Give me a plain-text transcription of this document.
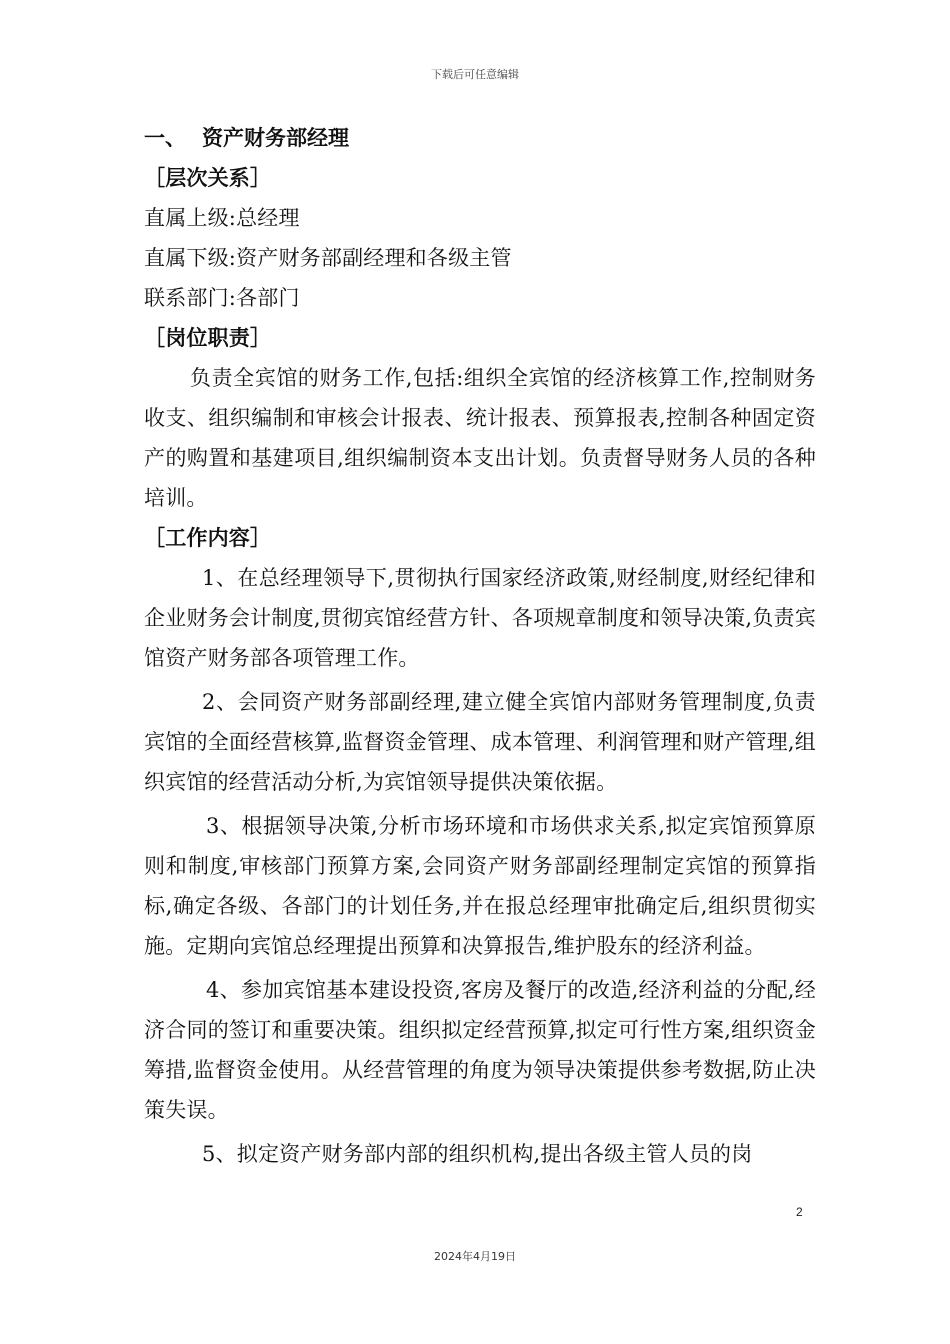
下载后可任意编辑
一、 资产财务部经理
［层次关系］
直属上级:总经理
直属下级:资产财务部副经理和各级主管
联系部门:各部门
［岗位职责］

负责全宾馆的财务工作,包括:组织全宾馆的经济核算工作,控制财务收支、组织编制和审核会计报表、统计报表、预算报表,控制各种固定资产的购置和基建项目,组织编制资本支出计划。负责督导财务人员的各种培训。

［工作内容］

1、在总经理领导下,贯彻执行国家经济政策,财经制度,财经纪律和企业财务会计制度,贯彻宾馆经营方针、各项规章制度和领导决策,负责宾馆资产财务部各项管理工作。

2、会同资产财务部副经理,建立健全宾馆内部财务管理制度,负责宾馆的全面经营核算,监督资金管理、成本管理、利润管理和财产管理,组织宾馆的经营活动分析,为宾馆领导提供决策依据。

3、根据领导决策,分析市场环境和市场供求关系,拟定宾馆预算原则和制度,审核部门预算方案,会同资产财务部副经理制定宾馆的预算指标,确定各级、各部门的计划任务,并在报总经理审批确定后,组织贯彻实施。定期向宾馆总经理提出预算和决算报告,维护股东的经济利益。

4、参加宾馆基本建设投资,客房及餐厅的改造,经济利益的分配,经济合同的签订和重要决策。组织拟定经营预算,拟定可行性方案,组织资金筹措,监督资金使用。从经营管理的角度为领导决策提供参考数据,防止决策失误。

5、拟定资产财务部内部的组织机构,提出各级主管人员的岗

2
2024年4月19日
